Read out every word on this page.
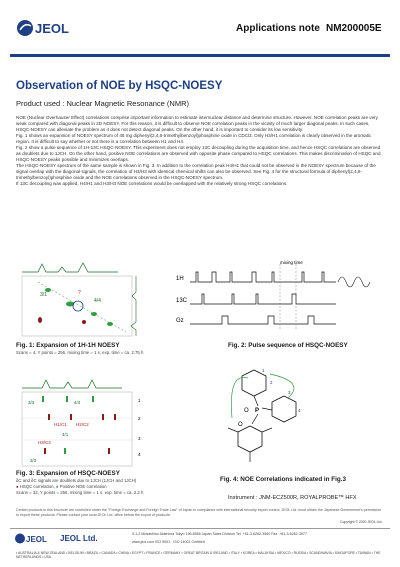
JEOL	Applications note NM200005E
Observation of NOE by HSQC-NOESY
Product used : Nuclear Magnetic Resonance (NMR)

NOE (Nuclear Overhauser Effect) correlations comprise important information to estimate internuclear distance and determine structure. However, NOE correlation peaks are very weak compared with diagonal peaks in 2D NOESY. For this reason, it is difficult to observe NOE correlation peaks in the vicinity of much larger diagonal peaks. In such cases, HSQC-NOESY can alleviate the problem as it does not detect diagonal peaks. On the other hand, it is important to consider its low sensitivity.

Fig. 1 shows an expansion of NOESY spectrum of 45 mg diphenyl(2,4,6-trimethylbenzoyl)phosphine oxide in CDCl3. Only H3/H1 correlation is clearly observed in the aromatic region. It is difficult to say whether or not there is a correlation between H1 and H4.

Fig. 2 show a pulse sequence of 1H-13C HSQC-NOESY. This experiment does not employ 13C decoupling during the acquisition time, and hence HSQC correlations are observed as doublets due to 1JCH. On the other hand, positive NOE correlations are observed with opposite phase compared to HSQC correlations. This makes discrimination of HSQC and HSQC-NOESY peaks possible and minimizes overlaps.

The HSQC-NOESY spectrum of the same sample is shown in Fig. 3. In addition to the correlation peak H4/H1 that could not be observed in the NOESY spectrum because of the signal overlap with the diagonal signals, the correlation of H3/H3 with identical chemical shifts can also be observed. See Fig. 4 for the structural formula of diphenyl(2,4,6-trimethylbenzoyl)phosphine oxide and the NOE correlations observed in the HSQC-NOESY spectrum.

If 13C decoupling was applied, H4/H1 and H3/H3 NOE correlations would be overlapped with the relatively strong HSQC correlations.

3/1
4/4
?
Fig. 1: Expansion of 1H-1H NOESY
Scans = 4, Y points = 256, mixing time = 1 s, exp. time = ca. 2.75 h
1H
13C
Gz
mixing time
Fig. 2: Pulse sequence of HSQC-NOESY
3/3	4/4
H1/C1 H2/C2
H3/C3
4/1
3/3
1
2
3
4
Fig. 3: Expansion of HSQC-NOESY
δC and δC signals are doublets due to 1JCH (1JCH and 1JCH)
● HSQC correlation, ● Positive NOE correlation
Scans = 32, Y points = 256, mixing time = 1 s, exp. time = ca. 2.2 h
P
O
O
1
2
3
4
Fig. 4: NOE Correlations indicated in Fig.3
Instrument : JNM-ECZ500R, ROYALPROBE™ HFX
Copyright © 2020 JEOL Ltd.
Certain products in this brochure are controlled under the "Foreign Exchange and Foreign Trade Law" of Japan in compliance with international security export control. JEOL Ltd. must obtain the Japanese Government's permission to export these products. Please contact your local JEOL Ltd. office before the export of products.
JEOL JEOL Ltd.	3-1-2 Musashino Akishima Tokyo 196-8558 Japan Sales Division Tel. +81-3-6262-3560 Fax. +81-3-6262-3577
www.jeol.com ISO 9001 · ISO 14001 Certified
• AUSTRALIA & NEW ZEALAND • BELGIUM • BRAZIL • CANADA • CHINA • EGYPT • FRANCE • GERMANY • GREAT BRITAIN & IRELAND • ITALY • KOREA • MALAYSIA • MEXICO • RUSSIA • SCANDINAVIA • SINGAPORE • TAIWAN • THE NETHERLANDS • USA
